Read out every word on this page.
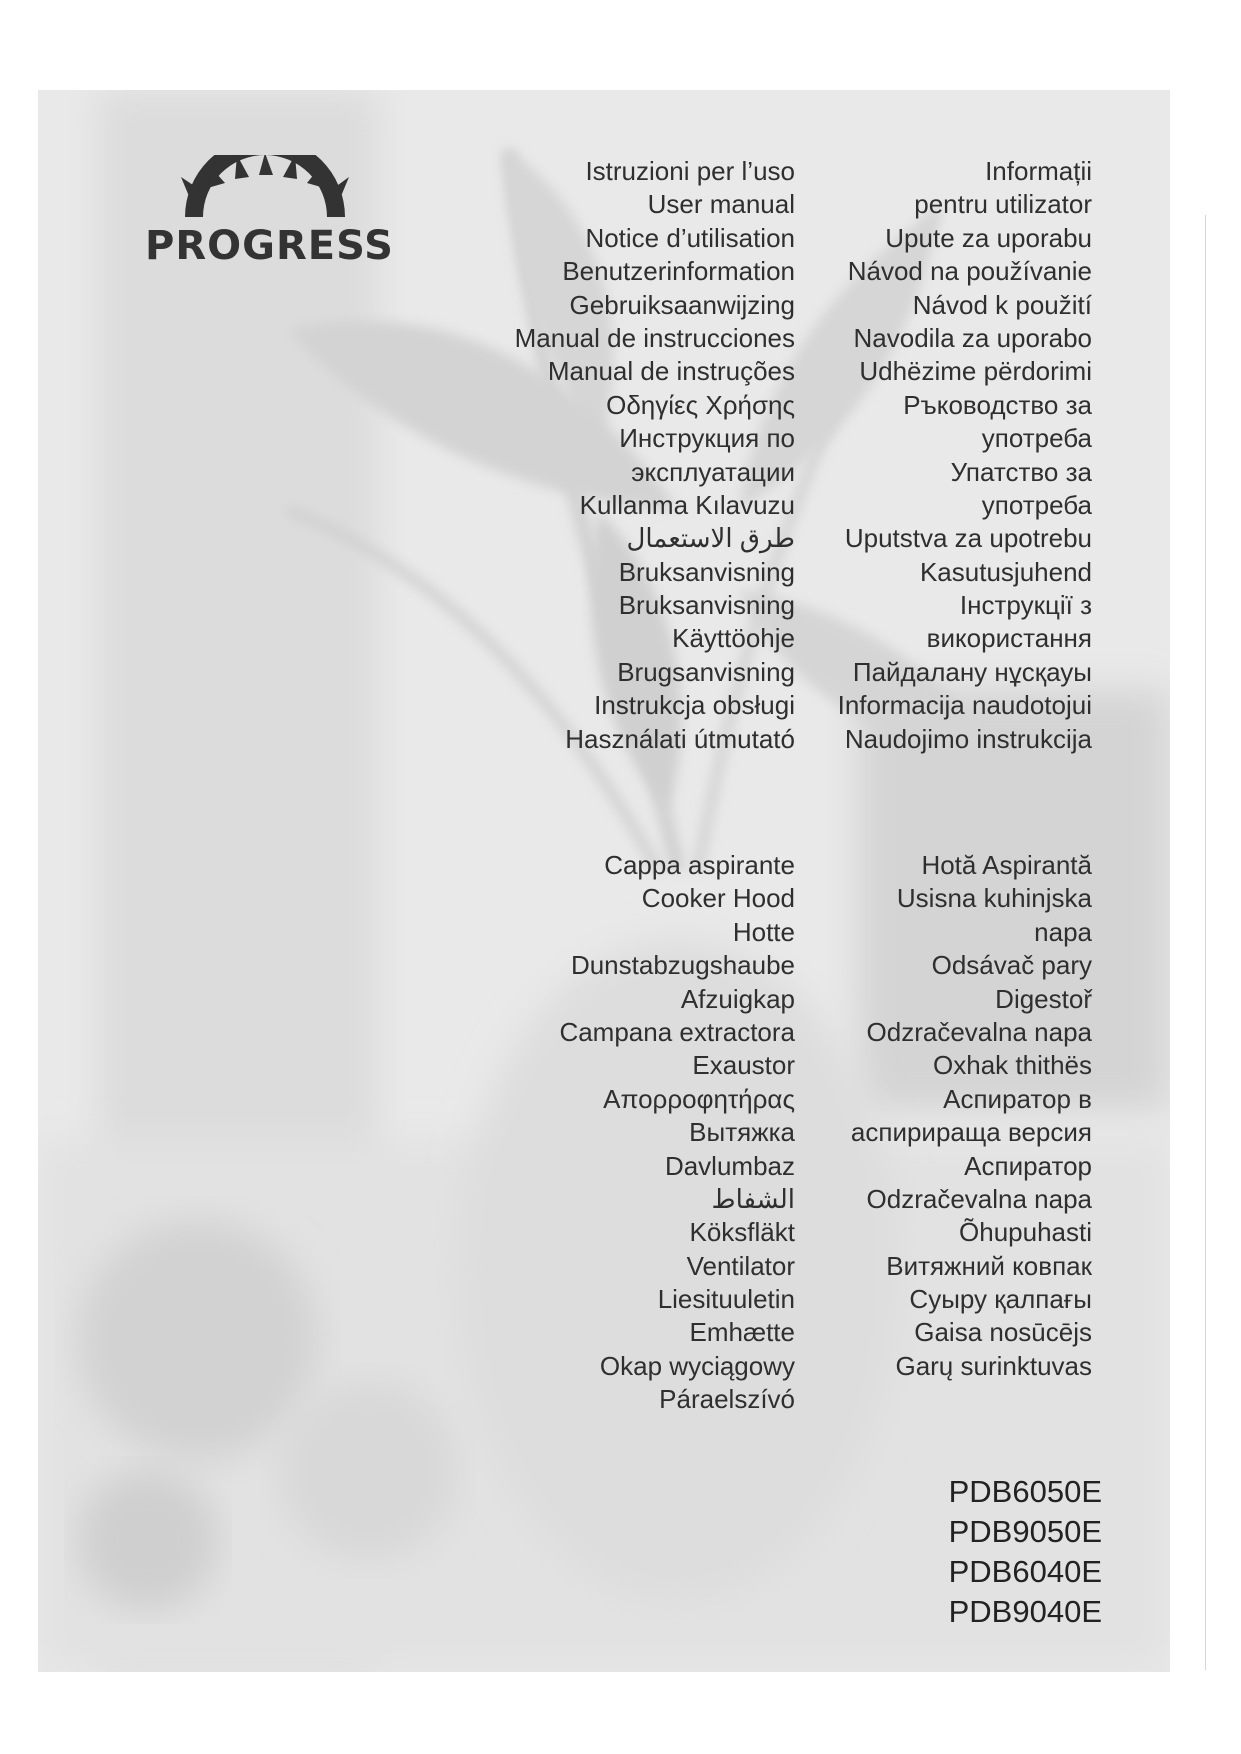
PROGRESS
Istruzioni per l’uso
User manual
Notice d’utilisation
Benutzerinformation
Gebruiksaanwijzing
Manual de instrucciones
Manual de instruções
Οδηγίες Χρήσης
Инструкция по
эксплуатации
Kullanma Kılavuzu
طرق الاستعمال
Bruksanvisning
Bruksanvisning
Käyttöohje
Brugsanvisning
Instrukcja obsługi
Használati útmutató
Informații
pentru utilizator
Upute za uporabu
Návod na používanie
Návod k použití
Navodila za uporabo
Udhëzime përdorimi
Ръководство за
употреба
Упатство за
употреба
Uputstva za upotrebu
Kasutusjuhend
Інструкції з
використання
Пайдалану нұсқауы
Informacija naudotojui
Naudojimo instrukcija
Cappa aspirante
Cooker Hood
Hotte
Dunstabzugshaube
Afzuigkap
Campana extractora
Exaustor
Απορροφητήρας
Вытяжка
Davlumbaz
الشفاط
Köksfläkt
Ventilator
Liesituuletin
Emhætte
Okap wyciągowy
Páraelszívó
Hotă Aspirantă
Usisna kuhinjska
napa
Odsávač pary
Digestoř
Odzračevalna napa
Oxhak thithës
Аспиратор в
аспирираща версия
Аспиратор
Odzračevalna napa
Õhupuhasti
Витяжний ковпак
Суыру қалпағы
Gaisa nosūcējs
Garų surinktuvas
PDB6050E
PDB9050E
PDB6040E
PDB9040E
